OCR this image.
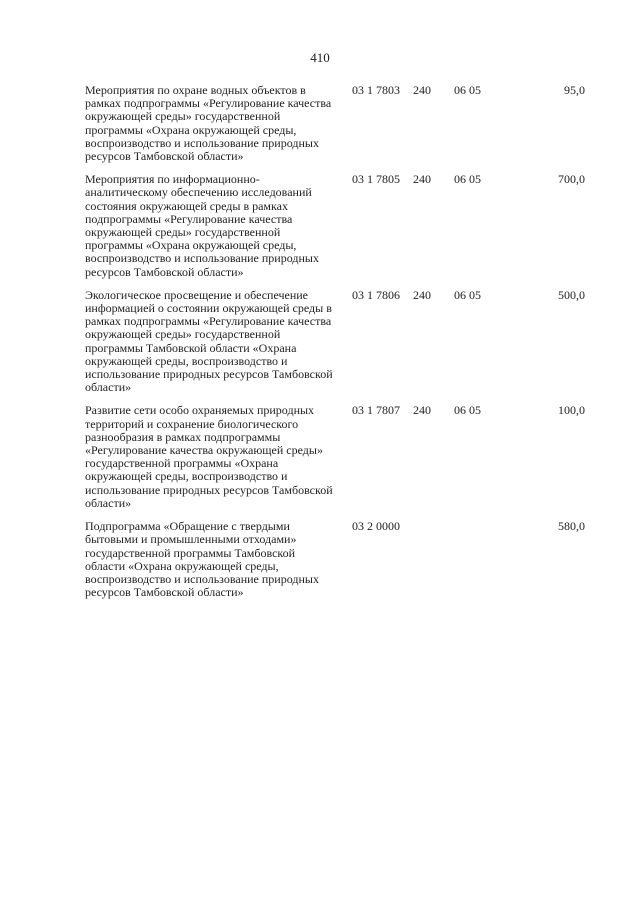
410
Мероприятия по охране водных объектов в рамках подпрограммы «Регулирование качества окружающей среды» государственной программы «Охрана окружающей среды, воспроизводство и использование природных ресурсов Тамбовской области»
03 1 7803 240 06 05	95,0
Мероприятия по информационно-аналитическому обеспечению исследований состояния окружающей среды в рамках подпрограммы «Регулирование качества окружающей среды» государственной программы «Охрана окружающей среды, воспроизводство и использование природных ресурсов Тамбовской области»
03 1 7805 240 06 05	700,0
Экологическое просвещение и обеспечение информацией о состоянии окружающей среды в рамках подпрограммы «Регулирование качества окружающей среды» государственной программы Тамбовской области «Охрана окружающей среды, воспроизводство и использование природных ресурсов Тамбовской области»
03 1 7806 240 06 05	500,0
Развитие сети особо охраняемых природных территорий и сохранение биологического разнообразия в рамках подпрограммы «Регулирование качества окружающей среды» государственной программы «Охрана окружающей среды, воспроизводство и использование природных ресурсов Тамбовской области»
03 1 7807 240 06 05	100,0
Подпрограмма «Обращение с твердыми бытовыми и промышленными отходами» государственной программы Тамбовской области «Охрана окружающей среды, воспроизводство и использование природных ресурсов Тамбовской области»
03 2 0000	580,0
